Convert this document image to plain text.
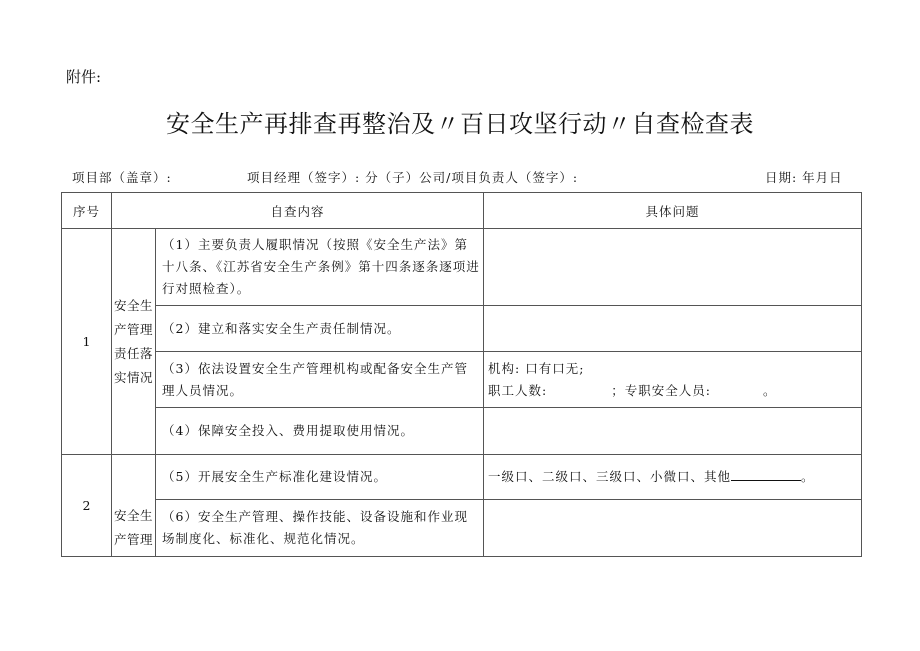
附件:
安全生产再排查再整治及〃百日攻坚行动〃自查检查表
项目部（盖章）:	项目经理（签字）: 分（子）公司/项目负责人（签字）:	日期: 年月日
序号	自查内容		具体问题
1	安全生产管理责任落实情况	（1）主要负责人履职情况（按照《安全生产法》第十八条、《江苏省安全生产条例》第十四条逐条逐项进行对照检查）。	
		（2）建立和落实安全生产责任制情况。	
		（3）依法设置安全生产管理机构或配备安全生产管理人员情况。	机构: 口有口无;
职工人数: ；专职安全人员: 。

		（4）保障安全投入、费用提取使用情况。	
2	安全生产管理	（5）开展安全生产标准化建设情况。	一级口、二级口、三级口、小微口、其他 。
		（6）安全生产管理、操作技能、设备设施和作业现场制度化、标准化、规范化情况。	
